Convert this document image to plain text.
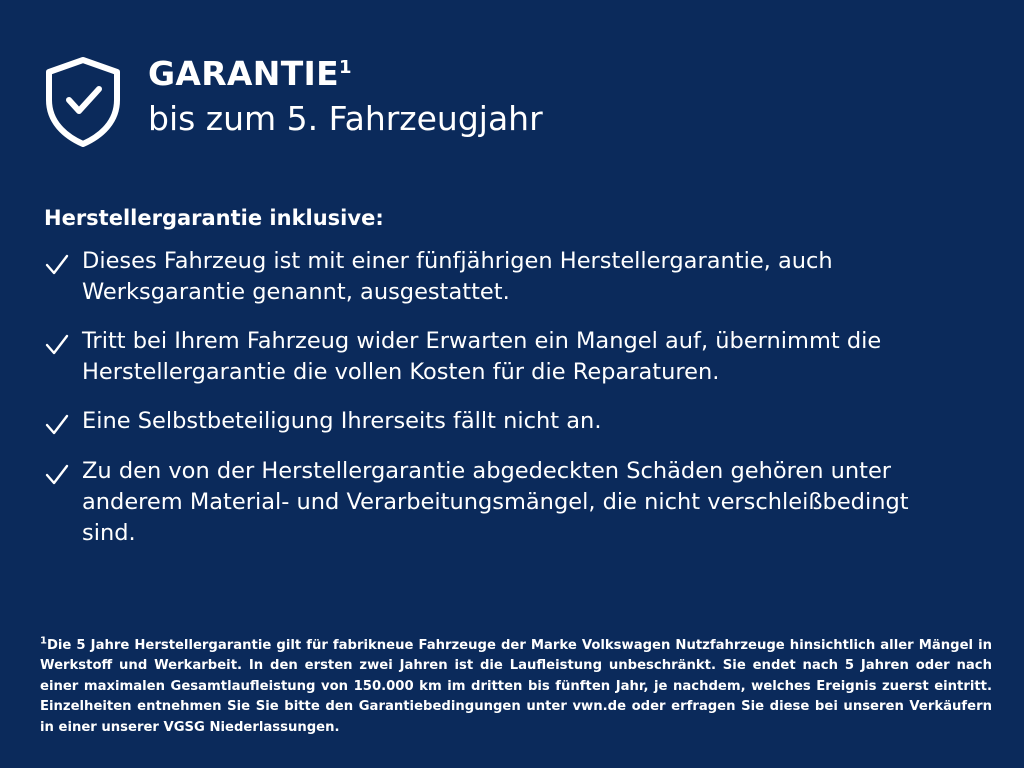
GARANTIE$^1$
bis zum 5. Fahrzeugjahr

Herstellergarantie inklusive:

Dieses Fahrzeug ist mit einer fünfjährigen Herstellergarantie, auch Werksgarantie genannt, ausgestattet.
Tritt bei Ihrem Fahrzeug wider Erwarten ein Mangel auf, übernimmt die Herstellergarantie die vollen Kosten für die Reparaturen.
Eine Selbstbeteiligung Ihrerseits fällt nicht an.
Zu den von der Herstellergarantie abgedeckten Schäden gehören unter anderem Material- und Verarbeitungsmängel, die nicht verschleißbedingt sind.
$^1$Die 5 Jahre Herstellergarantie gilt für fabrikneue Fahrzeuge der Marke Volkswagen Nutzfahrzeuge hinsichtlich aller Mängel in Werkstoff und Werkarbeit. In den ersten zwei Jahren ist die Laufleistung unbeschränkt. Sie endet nach 5 Jahren oder nach einer maximalen Gesamtlaufleistung von 150.000 km im dritten bis fünften Jahr, je nachdem, welches Ereignis zuerst eintritt. Einzelheiten entnehmen Sie Sie bitte den Garantiebedingungen unter vwn.de oder erfragen Sie diese bei unseren Verkäufern in einer unserer VGSG Niederlassungen.
